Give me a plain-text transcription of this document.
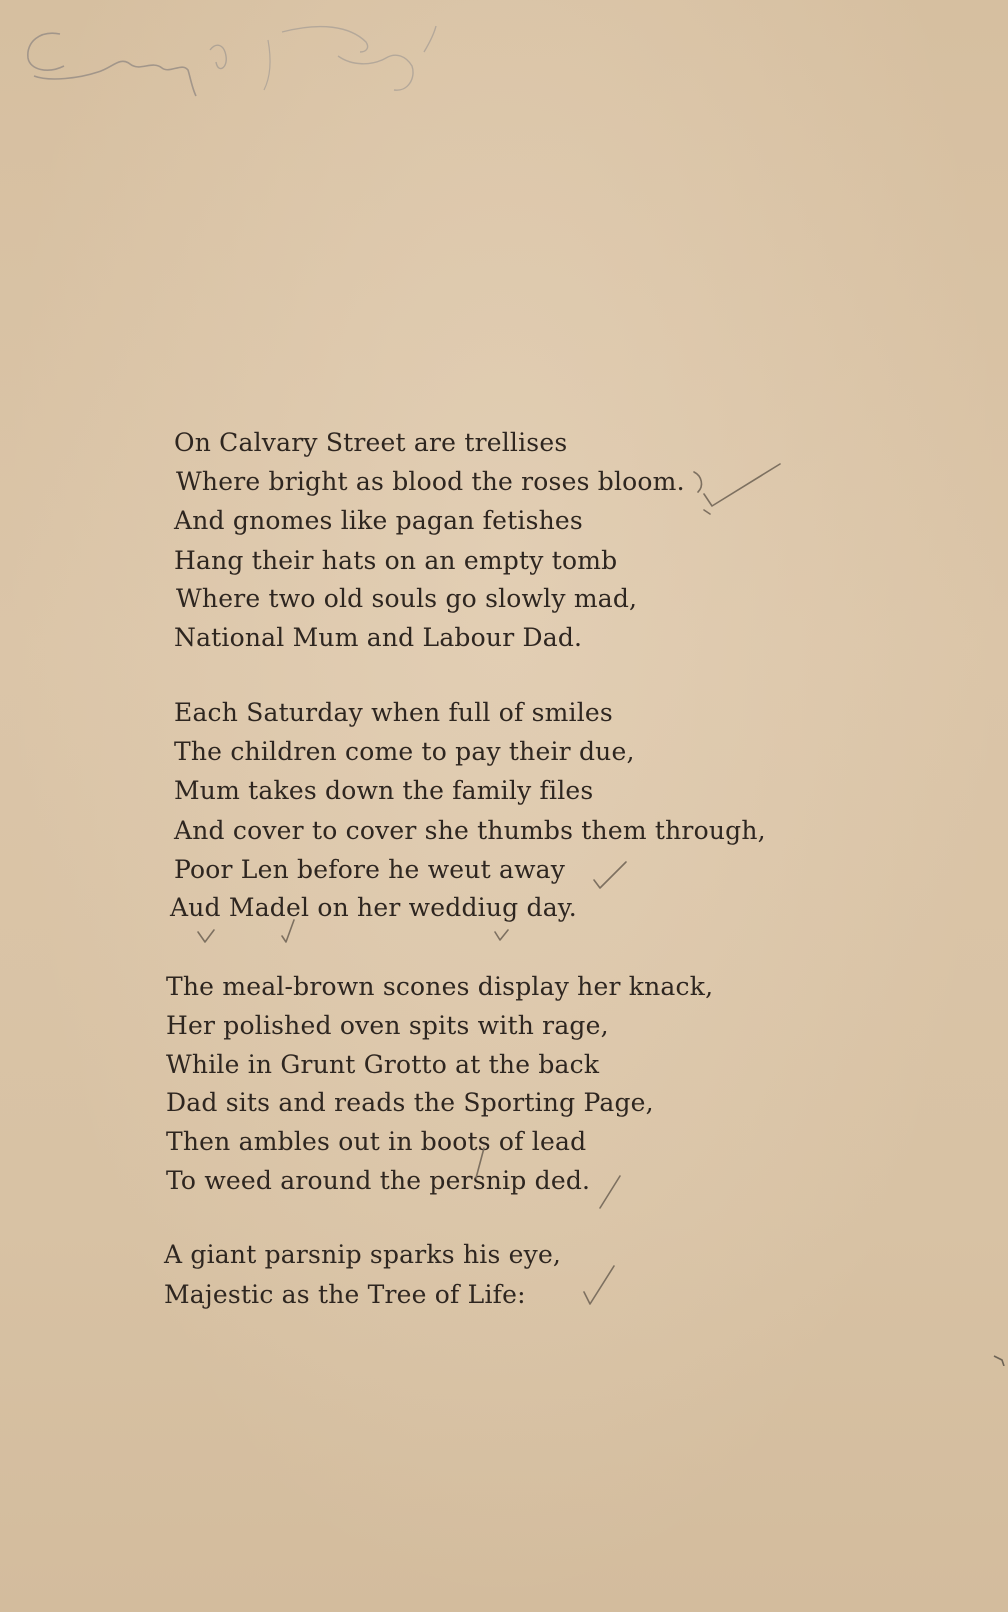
On Calvary Street are trellises
Where bright as blood the roses bloom.
And gnomes like pagan fetishes
Hang their hats on an empty tomb
Where two old souls go slowly mad,
National Mum and Labour Dad.
Each Saturday when full of smiles
The children come to pay their due,
Mum takes down the family files
And cover to cover she thumbs them through,
Poor Len before he weut away
Aud Madel on her weddiug day.
The meal-brown scones display her knack,
Her polished oven spits with rage,
While in Grunt Grotto at the back
Dad sits and reads the Sporting Page,
Then ambles out in boots of lead
To weed around the persnip ded.
A giant parsnip sparks his eye,
Majestic as the Tree of Life:
